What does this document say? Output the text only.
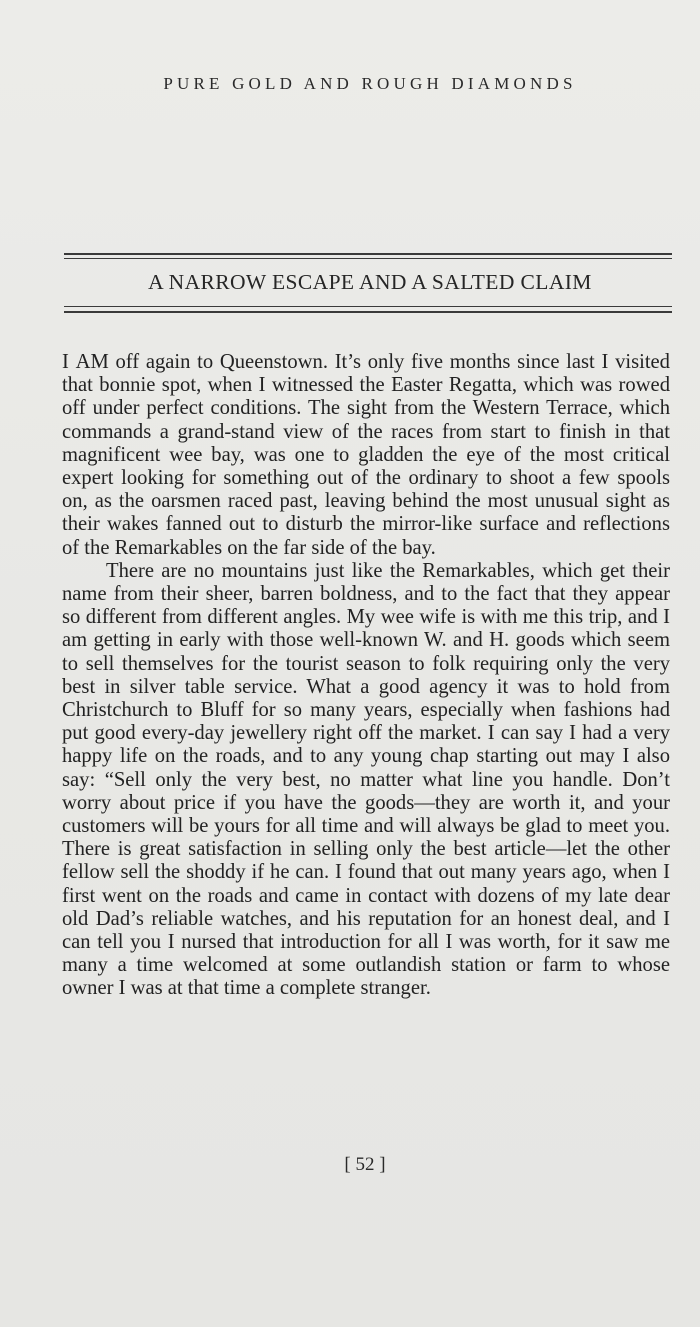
PURE GOLD AND ROUGH DIAMONDS
A NARROW ESCAPE AND A SALTED CLAIM

I AM off again to Queenstown. It’s only five months since last I visited that bonnie spot, when I witnessed the Easter Regatta, which was rowed off under perfect conditions. The sight from the Western Terrace, which commands a grand-stand view of the races from start to finish in that magnificent wee bay, was one to gladden the eye of the most critical expert looking for something out of the ordinary to shoot a few spools on, as the oarsmen raced past, leaving behind the most unusual sight as their wakes fanned out to disturb the mirror-like surface and reflections of the Remarkables on the far side of the bay.

There are no mountains just like the Remarkables, which get their name from their sheer, barren boldness, and to the fact that they appear so different from different angles. My wee wife is with me this trip, and I am getting in early with those well-known W. and H. goods which seem to sell themselves for the tourist season to folk requiring only the very best in silver table service. What a good agency it was to hold from Christchurch to Bluff for so many years, especially when fashions had put good every-day jewellery right off the market. I can say I had a very happy life on the roads, and to any young chap starting out may I also say: “Sell only the very best, no matter what line you handle. Don’t worry about price if you have the goods—they are worth it, and your customers will be yours for all time and will always be glad to meet you. There is great satisfaction in selling only the best article—let the other fellow sell the shoddy if he can. I found that out many years ago, when I first went on the roads and came in contact with dozens of my late dear old Dad’s reliable watches, and his reputation for an honest deal, and I can tell you I nursed that introduction for all I was worth, for it saw me many a time welcomed at some outlandish station or farm to whose owner I was at that time a complete stranger.

[ 52 ]
